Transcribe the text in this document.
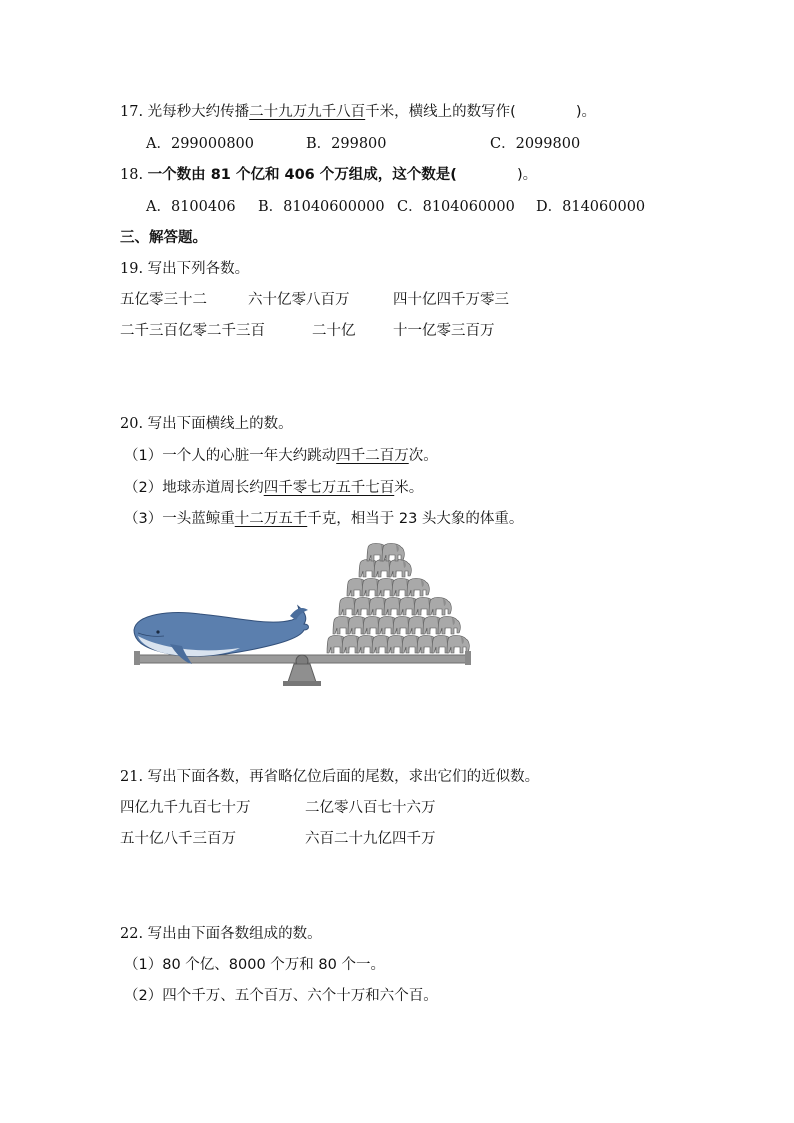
17. 光每秒大约传播二十九万九千八百千米，横线上的数写作(	)。
A．299000800	B．299800	C．2099800
18. 一个数由 81 个亿和 406 个万组成，这个数是(	)。
A．8100406 B．81040600000 C．8104060000 D．814060000
三、解答题。
19. 写出下列各数。
五亿零三十二	六十亿零八百万	四十亿四千万零三
二千三百亿零二千三百	二十亿	十一亿零三百万
20. 写出下面横线上的数。
（1）一个人的心脏一年大约跳动四千二百万次。
（2）地球赤道周长约四千零七万五千七百米。
（3）一头蓝鲸重十二万五千千克，相当于 23 头大象的体重。
21. 写出下面各数，再省略亿位后面的尾数，求出它们的近似数。
四亿九千九百七十万	二亿零八百七十六万
五十亿八千三百万	六百二十九亿四千万
22. 写出由下面各数组成的数。
（1）80 个亿、8000 个万和 80 个一。
（2）四个千万、五个百万、六个十万和六个百。
